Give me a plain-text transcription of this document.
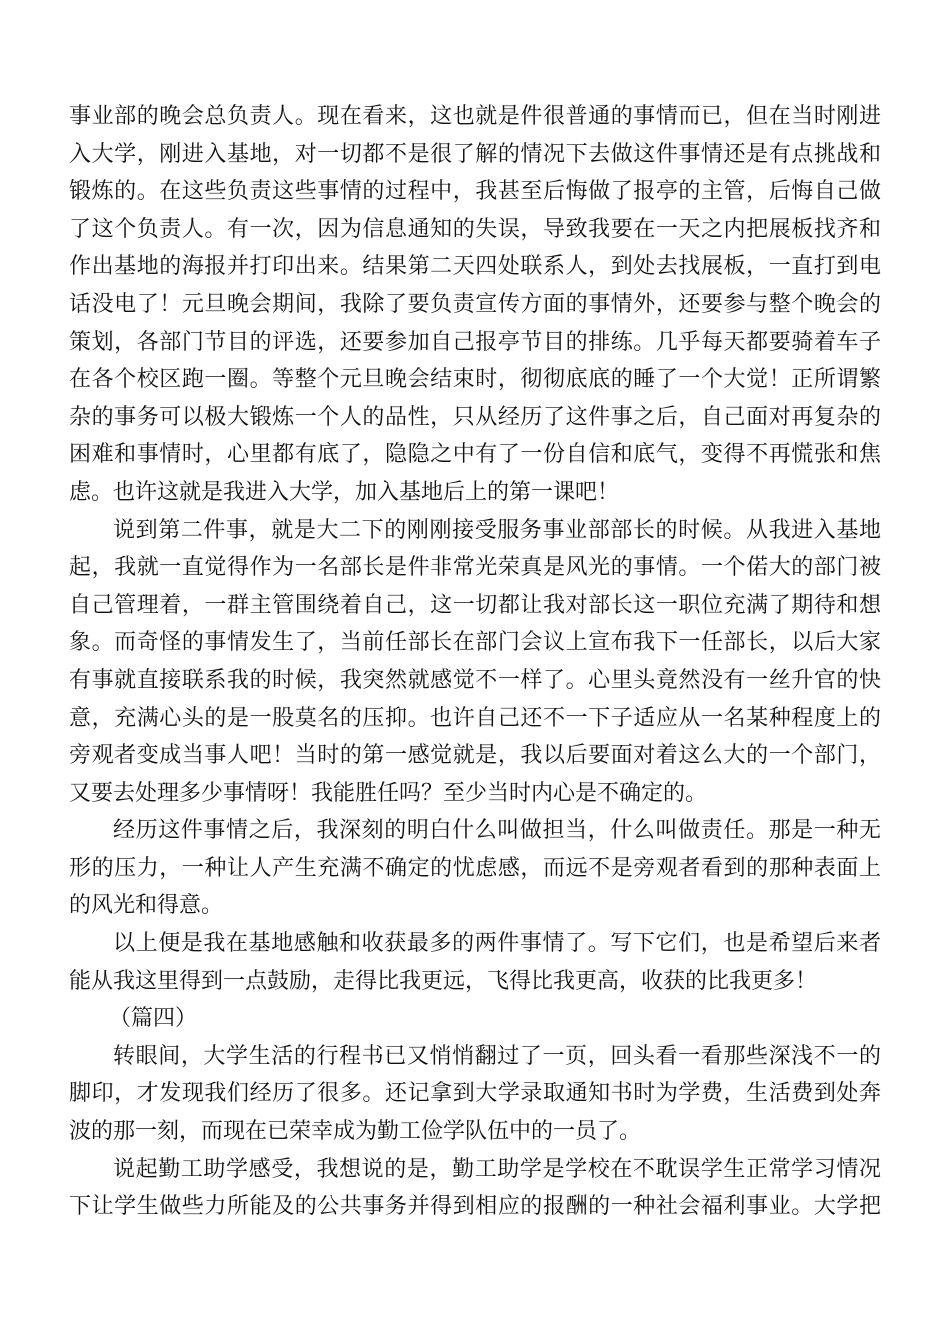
事业部的晚会总负责人。现在看来，这也就是件很普通的事情而已，但在当时刚进
入大学，刚进入基地，对一切都不是很了解的情况下去做这件事情还是有点挑战和
锻炼的。在这些负责这些事情的过程中，我甚至后悔做了报亭的主管，后悔自己做
了这个负责人。有一次，因为信息通知的失误，导致我要在一天之内把展板找齐和
作出基地的海报并打印出来。结果第二天四处联系人，到处去找展板，一直打到电
话没电了！元旦晚会期间，我除了要负责宣传方面的事情外，还要参与整个晚会的
策划，各部门节目的评选，还要参加自己报亭节目的排练。几乎每天都要骑着车子
在各个校区跑一圈。等整个元旦晚会结束时，彻彻底底的睡了一个大觉！正所谓繁
杂的事务可以极大锻炼一个人的品性，只从经历了这件事之后，自己面对再复杂的
困难和事情时，心里都有底了，隐隐之中有了一份自信和底气，变得不再慌张和焦
虑。也许这就是我进入大学，加入基地后上的第一课吧！
说到第二件事，就是大二下的刚刚接受服务事业部部长的时候。从我进入基地
起，我就一直觉得作为一名部长是件非常光荣真是风光的事情。一个偌大的部门被
自己管理着，一群主管围绕着自己，这一切都让我对部长这一职位充满了期待和想
象。而奇怪的事情发生了，当前任部长在部门会议上宣布我下一任部长，以后大家
有事就直接联系我的时候，我突然就感觉不一样了。心里头竟然没有一丝升官的快
意，充满心头的是一股莫名的压抑。也许自己还不一下子适应从一名某种程度上的
旁观者变成当事人吧！当时的第一感觉就是，我以后要面对着这么大的一个部门，
又要去处理多少事情呀！我能胜任吗？至少当时内心是不确定的。
经历这件事情之后，我深刻的明白什么叫做担当，什么叫做责任。那是一种无
形的压力，一种让人产生充满不确定的忧虑感，而远不是旁观者看到的那种表面上
的风光和得意。
以上便是我在基地感触和收获最多的两件事情了。写下它们，也是希望后来者
能从我这里得到一点鼓励，走得比我更远，飞得比我更高，收获的比我更多！
（篇四）
转眼间，大学生活的行程书已又悄悄翻过了一页，回头看一看那些深浅不一的
脚印，才发现我们经历了很多。还记拿到大学录取通知书时为学费，生活费到处奔
波的那一刻，而现在已荣幸成为勤工俭学队伍中的一员了。
说起勤工助学感受，我想说的是，勤工助学是学校在不耽误学生正常学习情况
下让学生做些力所能及的公共事务并得到相应的报酬的一种社会福利事业。大学把
